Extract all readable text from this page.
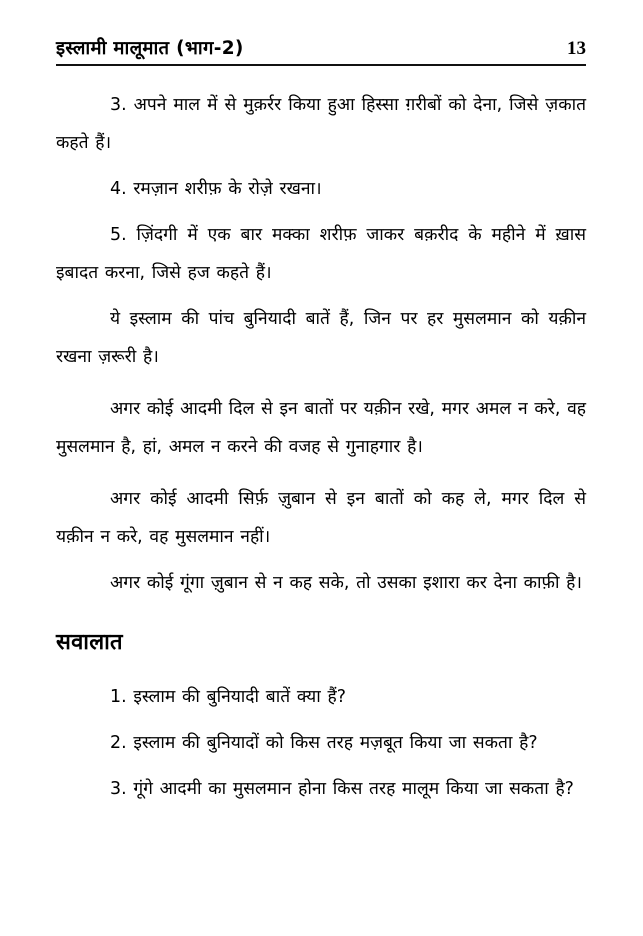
इस्लामी मालूमात (भाग-2)	13

3. अपने माल में से मुक़र्रर किया हुआ हिस्सा ग़रीबों को देना, जिसे ज़कात कहते हैं।

4. रमज़ान शरीफ़ के रोज़े रखना।

5. ज़िंदगी में एक बार मक्का शरीफ़ जाकर बक़रीद के महीने में ख़ास इबादत करना, जिसे हज कहते हैं।

ये इस्लाम की पांच बुनियादी बातें हैं, जिन पर हर मुसलमान को यक़ीन रखना ज़रूरी है।

अगर कोई आदमी दिल से इन बातों पर यक़ीन रखे, मगर अमल न करे, वह मुसलमान है, हां, अमल न करने की वजह से गुनाहगार है।

अगर कोई आदमी सिर्फ़ ज़ुबान से इन बातों को कह ले, मगर दिल से यक़ीन न करे, वह मुसलमान नहीं।

अगर कोई गूंगा ज़ुबान से न कह सके, तो उसका इशारा कर देना काफ़ी है।

सवालात

1. इस्लाम की बुनियादी बातें क्या हैं?

2. इस्लाम की बुनियादों को किस तरह मज़बूत किया जा सकता है?

3. गूंगे आदमी का मुसलमान होना किस तरह मालूम किया जा सकता है?
